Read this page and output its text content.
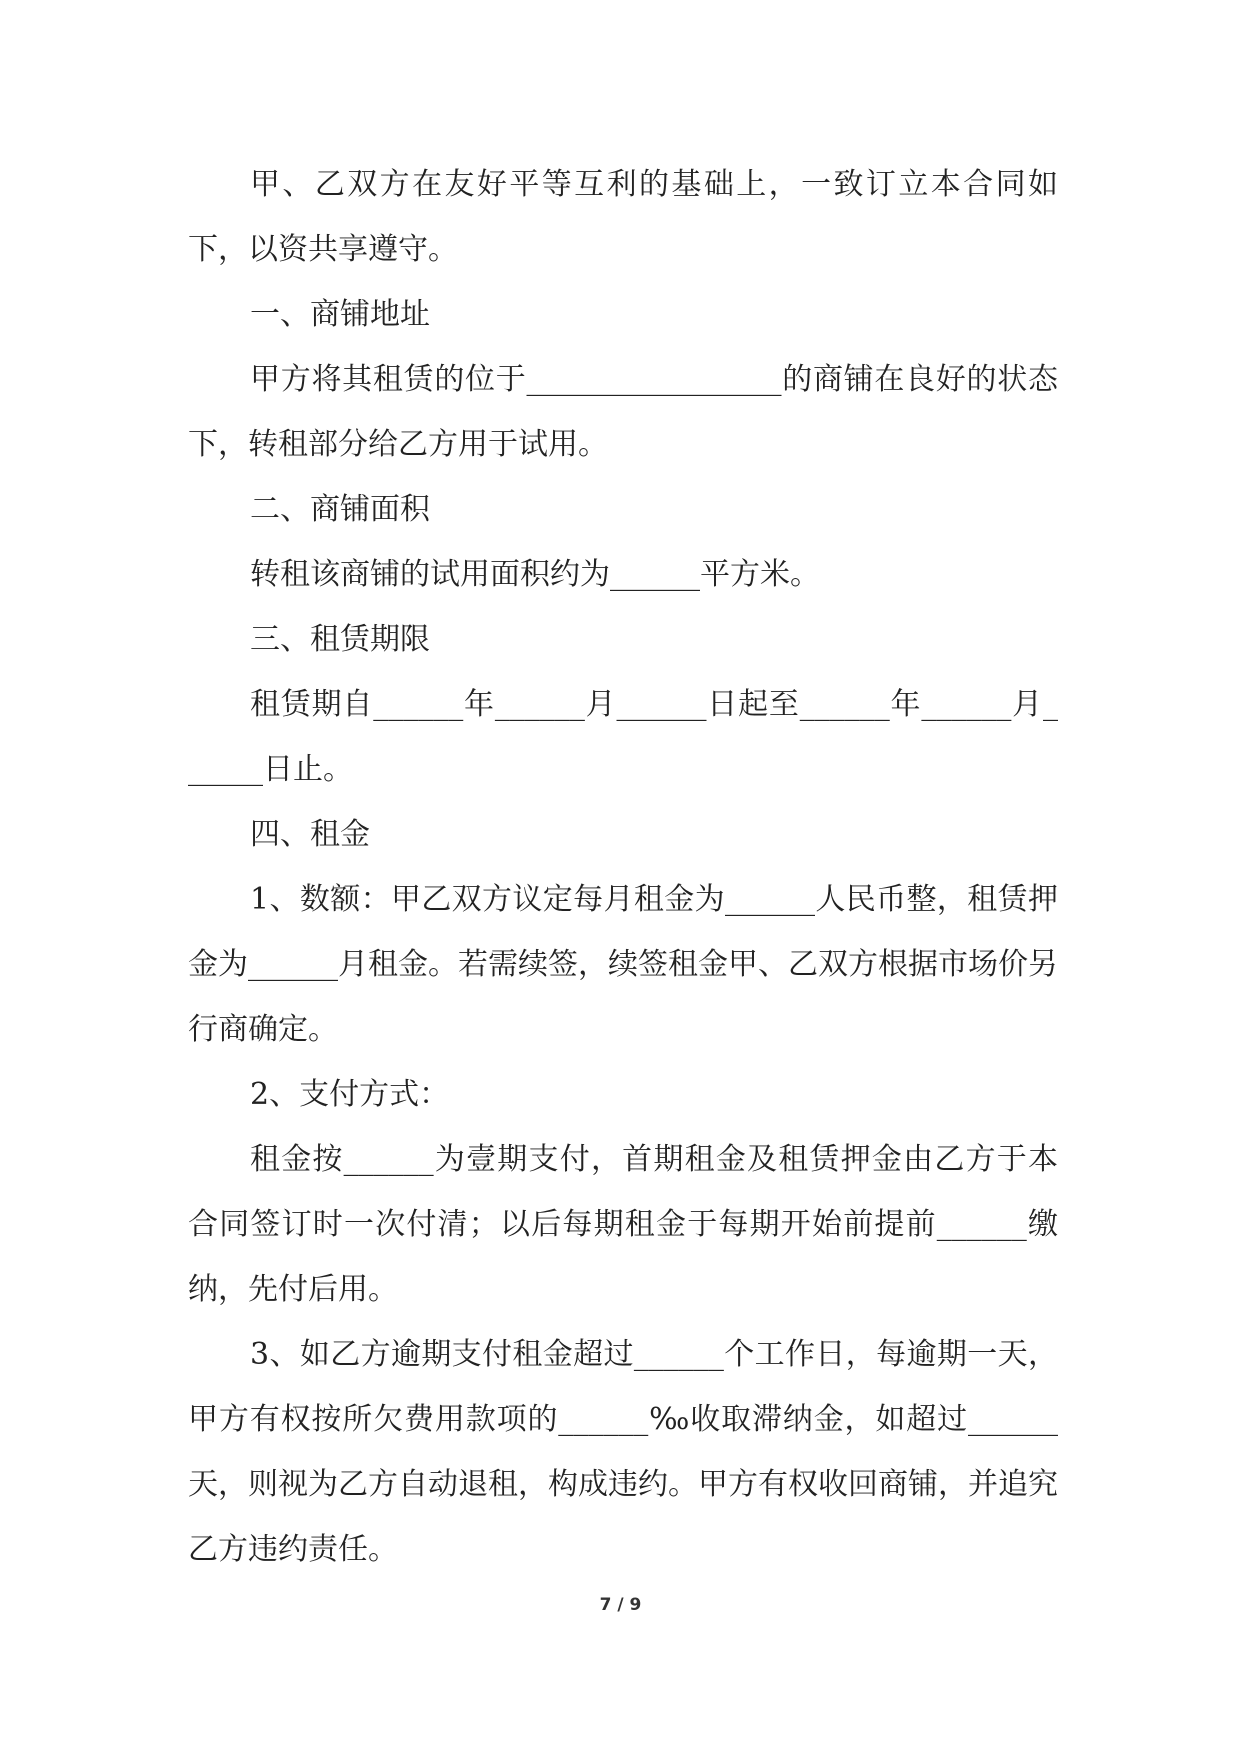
甲、乙双方在友好平等互利的基础上，一致订立本合同如下，以资共享遵守。

一、商铺地址

甲方将其租赁的位于_________________的商铺在良好的状态下，转租部分给乙方用于试用。

二、商铺面积

转租该商铺的试用面积约为______平方米。

三、租赁期限

租赁期自______年______月______日起至______年______月______日止。

四、租金

1、数额：甲乙双方议定每月租金为______人民币整，租赁押金为______月租金。若需续签，续签租金甲、乙双方根据市场价另行商确定。

2、支付方式：

租金按______为壹期支付，首期租金及租赁押金由乙方于本合同签订时一次付清；以后每期租金于每期开始前提前______缴纳，先付后用。

3、如乙方逾期支付租金超过______个工作日，每逾期一天，甲方有权按所欠费用款项的______‰收取滞纳金，如超过______天，则视为乙方自动退租，构成违约。甲方有权收回商铺，并追究乙方违约责任。

7 / 9
